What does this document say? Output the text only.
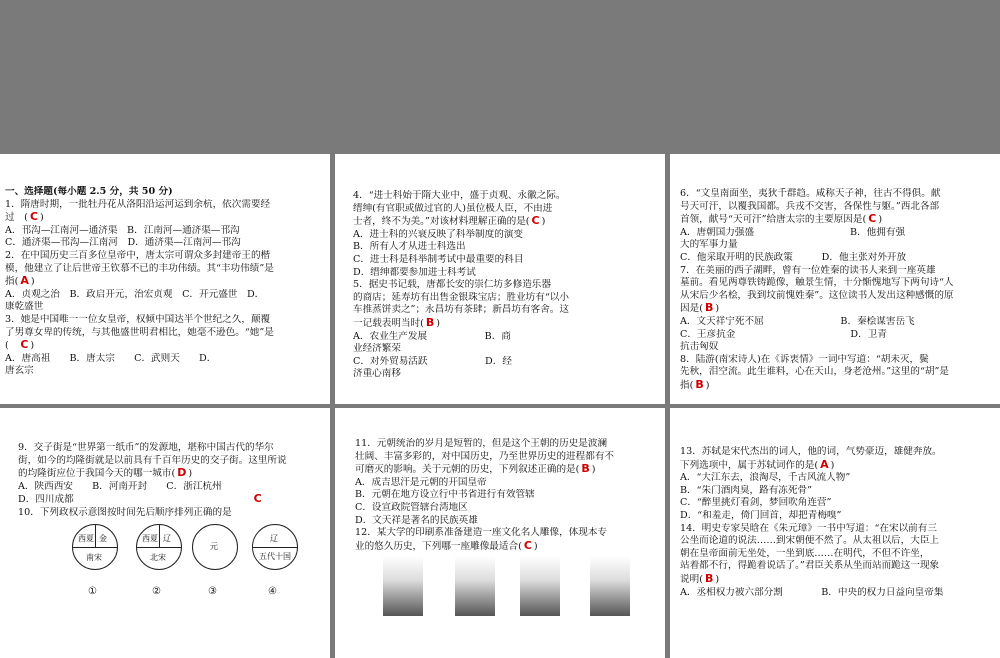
一、选择题(每小题 2.5 分，共 50 分)
1．隋唐时期，一批牡丹花从洛阳沿运河运到余杭，依次需要经
过　( C )
A．邗沟—江南河—通济渠　B．江南河—通济渠—邗沟
C．通济渠—邗沟—江南河　D．通济渠—江南河—邗沟
2．在中国历史三百多位皇帝中，唐太宗可谓众多封建帝王的楷
模，他建立了让后世帝王钦慕不已的丰功伟绩。其“丰功伟绩”是
指( A )
A．贞观之治　B．政启开元，治宏贞观　C．开元盛世　D．
康乾盛世
3．她是中国唯一一位女皇帝，权倾中国达半个世纪之久，颠覆
了男尊女卑的传统，与其他盛世明君相比，她毫不逊色。“她”是
(　 C )
A．唐高祖　　B．唐太宗　　C．武则天　　D．
唐玄宗
4．“进士科始于隋大业中，盛于贞观、永徽之际。
缙绅(有官职或做过官的人)虽位极人臣，不由进
士者，终不为美。”对该材料理解正确的是( C )
A．进士科的兴衰反映了科举制度的演变
B．所有人才从进士科选出
C．进士科是科举制考试中最重要的科目
D．缙绅都要参加进士科考试
5．据史书记载，唐都长安的崇仁坊多修造乐器
的商店；延寿坊有出售金银珠宝店；胜业坊有“以小
车推蒸饼卖之”；永昌坊有茶肆；新昌坊有客舍。这
一记载表明当时( B )
A．农业生产发展　　　　　　B．商
业经济繁荣
C．对外贸易活跃　　　　　　D．经
济重心南移
6．“文皇南面坐，夷狄千群趋。咸称天子神，往古不得俱。献
号天可汗，以覆我国都。兵戎不交害，各保性与躯。”西北各部
首领，献号“天可汗”给唐太宗的主要原因是( C )
A．唐朝国力强盛　　　　　　　　　　B．他拥有强
大的军事力量
C．他采取开明的民族政策　　　D．他主张对外开放
7．在美丽的西子湖畔，曾有一位姓秦的读书人来到一座英雄
墓前。看见两尊铁铸跪像，触景生情，十分惭愧地写下两句诗“人
从宋后少名桧，我到坟前愧姓秦”。这位读书人发出这种感慨的原
因是( B )
A．文天祥宁死不屈　　　　　　　　B．秦桧谋害岳飞
C．王彦抗金　　　　　　　　　　　　D．卫青
抗击匈奴
8．陆游(南宋诗人)在《诉衷情》一词中写道：“胡未灭，鬓
先秋，泪空流。此生谁料，心在天山，身老沧州。”这里的“胡”是
指( B )
9．交子街是“世界第一纸币”的发源地，堪称中国古代的华尔
街，如今的均隆街就是以前具有千百年历史的交子街。这里所说
的均隆街应位于我国今天的哪一城市( D )
A．陕西西安　　B．河南开封　　C．浙江杭州
D．四川成都	C
10．下列政权示意图按时间先后顺序排列正确的是
西夏 金
南宋
西夏 辽
北宋
元
辽
五代十国
①	②	③	④
11．元朝统治的岁月是短暂的，但是这个王朝的历史是波澜
壮阔、丰富多彩的，对中国历史，乃至世界历史的进程都有不
可磨灭的影响。关于元朝的历史，下列叙述正确的是( B )
A．成吉思汗是元朝的开国皇帝
B．元朝在地方设立行中书省进行有效管辖
C．设宣政院管辖台湾地区
D．文天祥是著名的民族英雄
12．某大学的印刷系准备建造一座文化名人雕像，体现本专
业的悠久历史，下列哪一座雕像最适合( C )
13．苏轼是宋代杰出的词人，他的词，气势豪迈，雄健奔放。
下列选项中，属于苏轼词作的是( A )
A．“大江东去，浪淘尽，千古风流人物”
B．“朱门酒肉臭，路有冻死骨”
C．“醉里挑灯看剑，梦回吹角连营”
D．“和羞走，倚门回首，却把青梅嗅”
14．明史专家吴晗在《朱元璋》一书中写道：“在宋以前有三
公坐而论道的说法……到宋朝便不然了。从太祖以后，大臣上
朝在皇帝面前无坐处，一坐到底……在明代，不但不许坐，
站着都不行，得跪着说话了。”君臣关系从坐而站而跪这一现象
说明( B )
A．丞相权力被六部分割　　　　B．中央的权力日益向皇帝集
